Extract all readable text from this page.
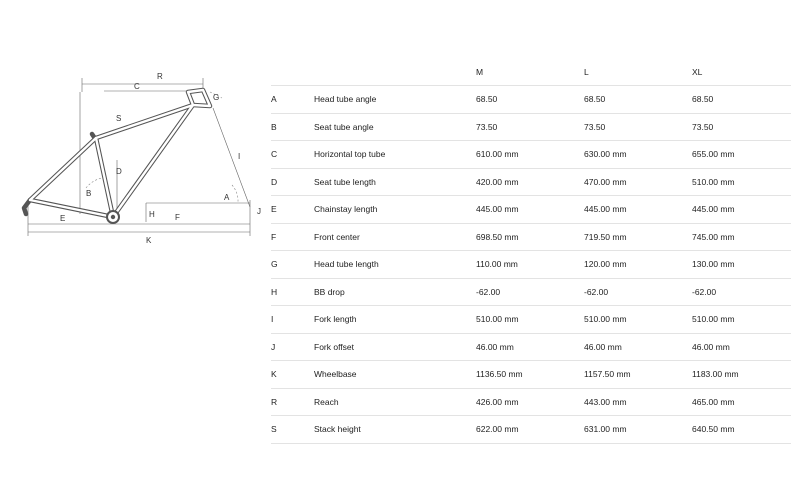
R
C
G
S
I
D
B	A
J
H
E	F
K
		M	L	XL
A	Head tube angle	68.50	68.50	68.50
B	Seat tube angle	73.50	73.50	73.50
C	Horizontal top tube	610.00 mm	630.00 mm	655.00 mm
D	Seat tube length	420.00 mm	470.00 mm	510.00 mm
E	Chainstay length	445.00 mm	445.00 mm	445.00 mm
F	Front center	698.50 mm	719.50 mm	745.00 mm
G	Head tube length	110.00 mm	120.00 mm	130.00 mm
H	BB drop	-62.00	-62.00	-62.00
I	Fork length	510.00 mm	510.00 mm	510.00 mm
J	Fork offset	46.00 mm	46.00 mm	46.00 mm
K	Wheelbase	1136.50 mm	1157.50 mm	1183.00 mm
R	Reach	426.00 mm	443.00 mm	465.00 mm
S	Stack height	622.00 mm	631.00 mm	640.50 mm
